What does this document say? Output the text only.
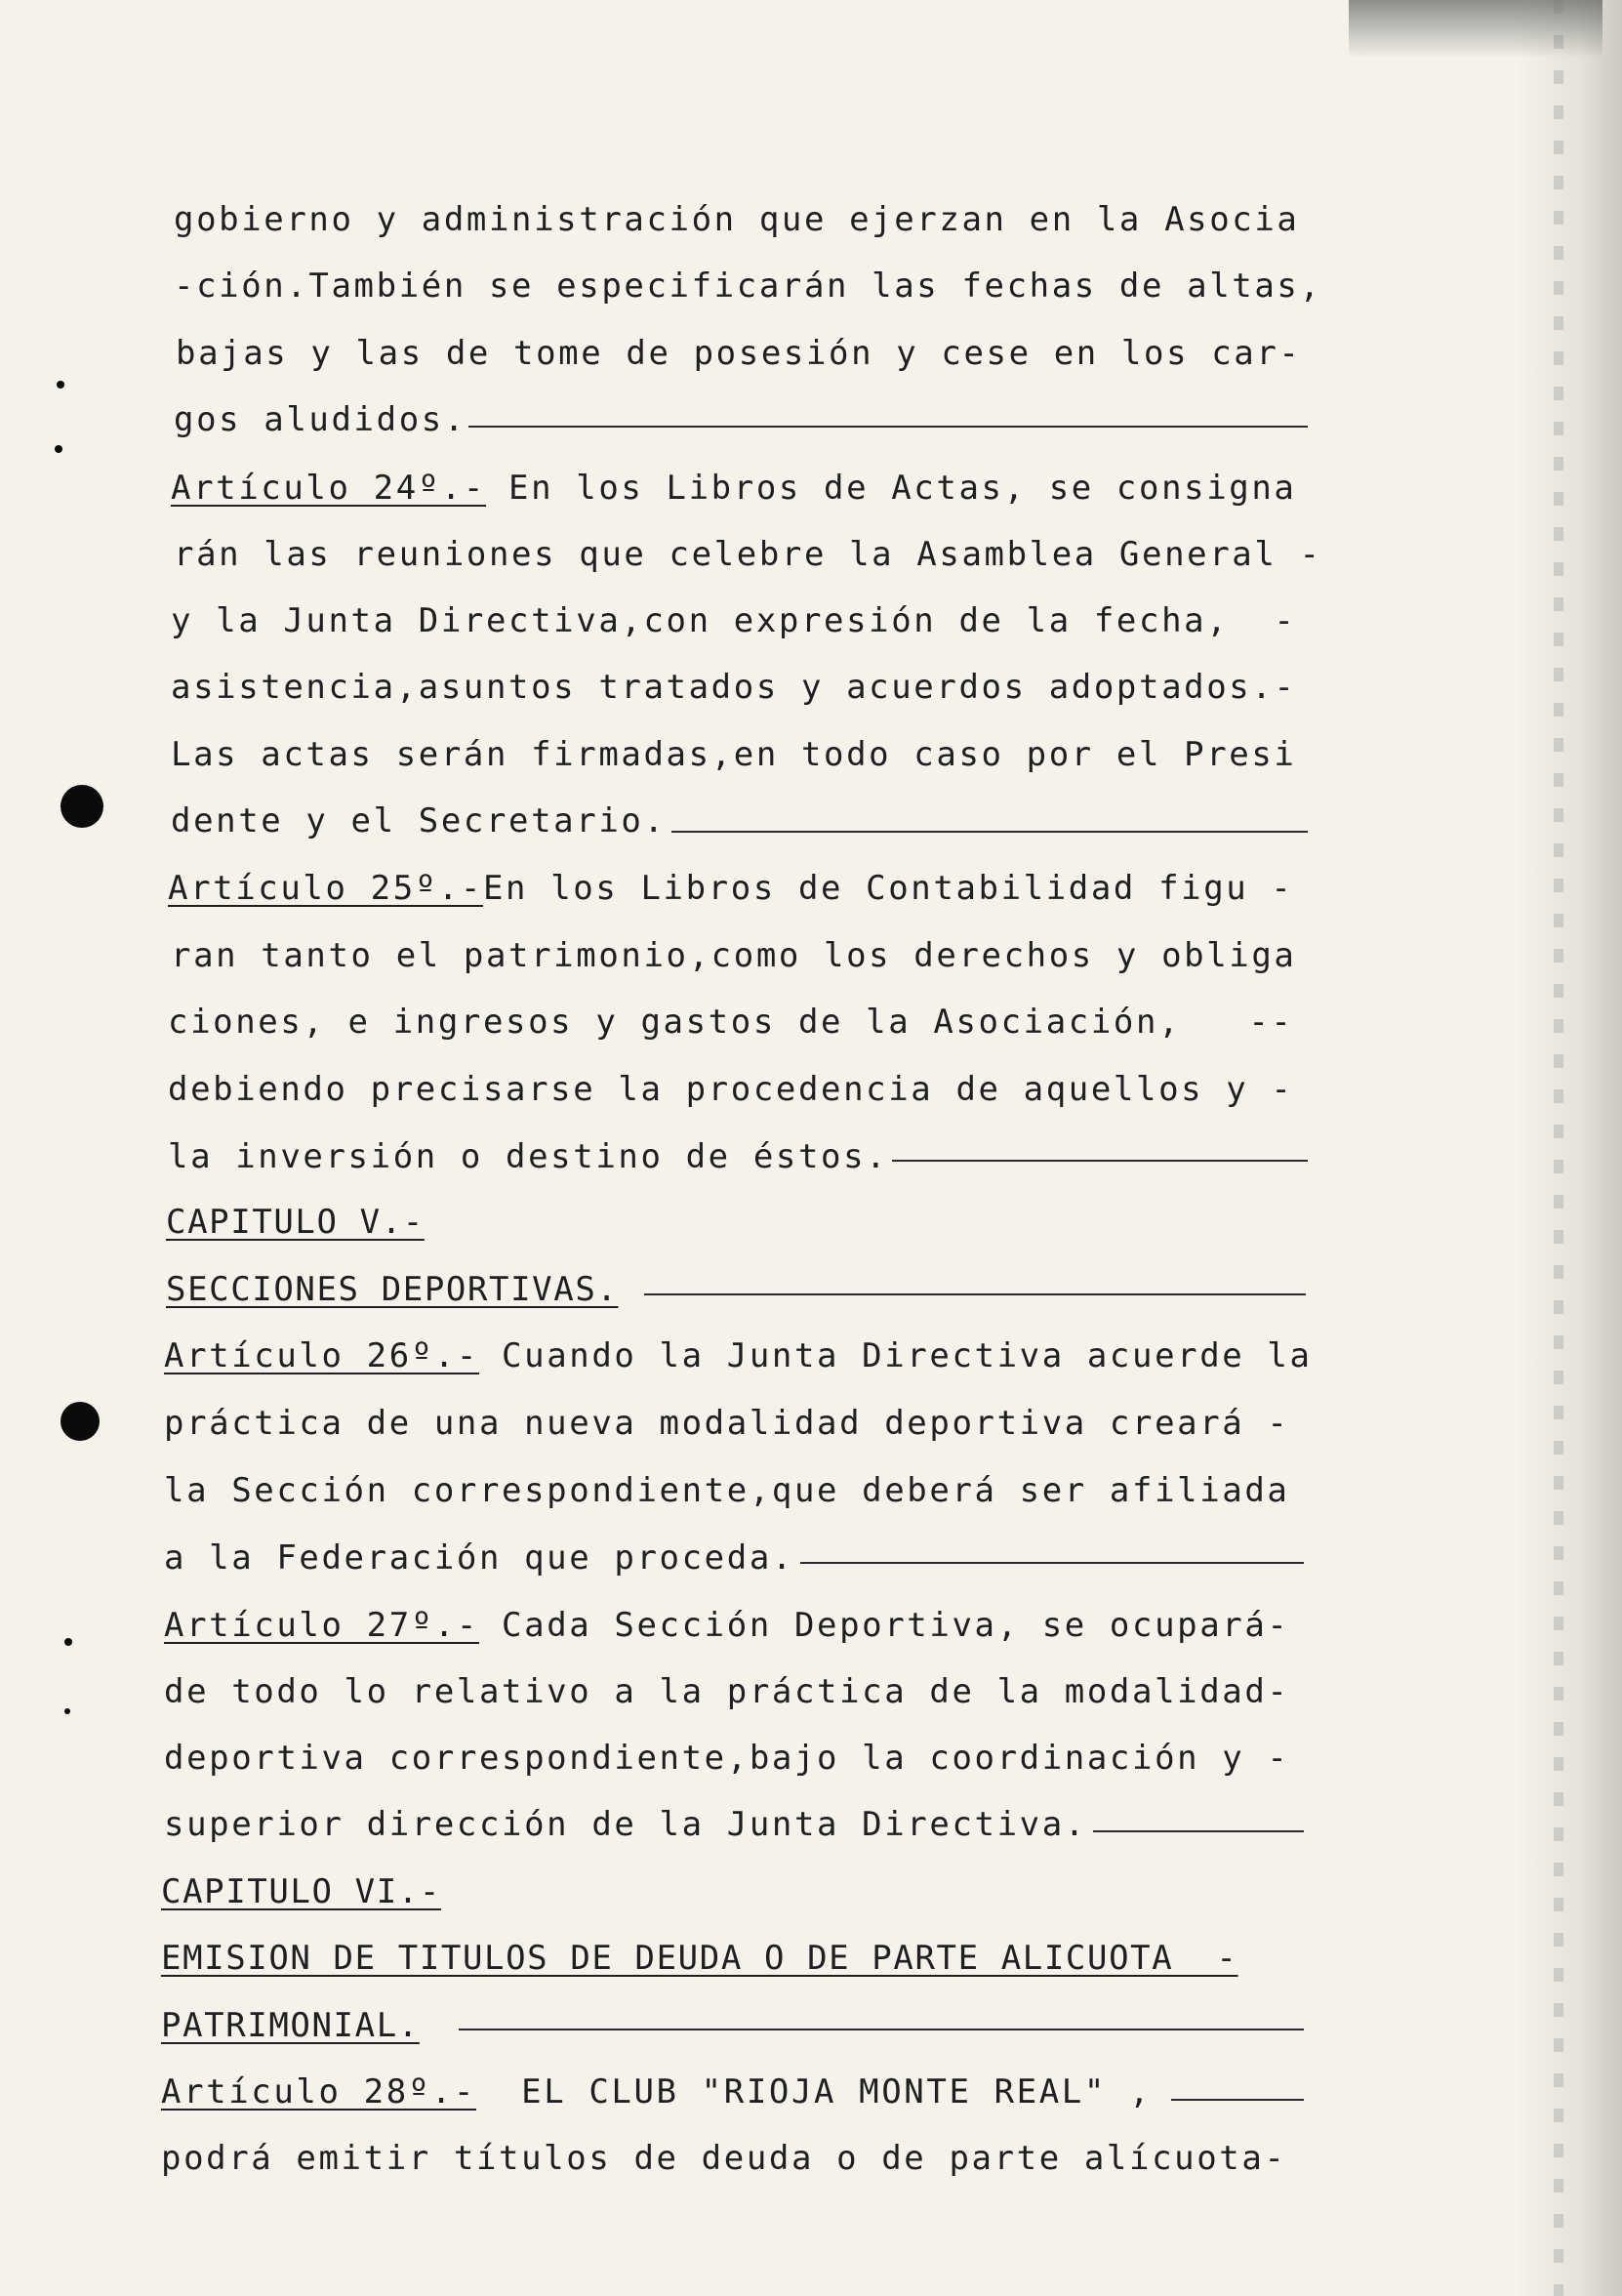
gobierno y administración que ejerzan en la Asocia
-ción.También se especificarán las fechas de altas,
bajas y las de tome de posesión y cese en los car-
gos aludidos.
Artículo 24º.- En los Libros de Actas, se consigna
rán las reuniones que celebre la Asamblea General -
y la Junta Directiva,con expresión de la fecha,  -
asistencia,asuntos tratados y acuerdos adoptados.-
Las actas serán firmadas,en todo caso por el Presi
dente y el Secretario.
Artículo 25º.-En los Libros de Contabilidad figu -
ran tanto el patrimonio,como los derechos y obliga
ciones, e ingresos y gastos de la Asociación,   --
debiendo precisarse la procedencia de aquellos y -
la inversión o destino de éstos.
CAPITULO V.-
SECCIONES DEPORTIVAS.
Artículo 26º.- Cuando la Junta Directiva acuerde la
práctica de una nueva modalidad deportiva creará -
la Sección correspondiente,que deberá ser afiliada
a la Federación que proceda.
Artículo 27º.- Cada Sección Deportiva, se ocupará-
de todo lo relativo a la práctica de la modalidad-
deportiva correspondiente,bajo la coordinación y -
superior dirección de la Junta Directiva.
CAPITULO VI.-
EMISION DE TITULOS DE DEUDA O DE PARTE ALICUOTA  -
PATRIMONIAL.
Artículo 28º.-  EL CLUB "RIOJA MONTE REAL" ,
podrá emitir títulos de deuda o de parte alícuota-
